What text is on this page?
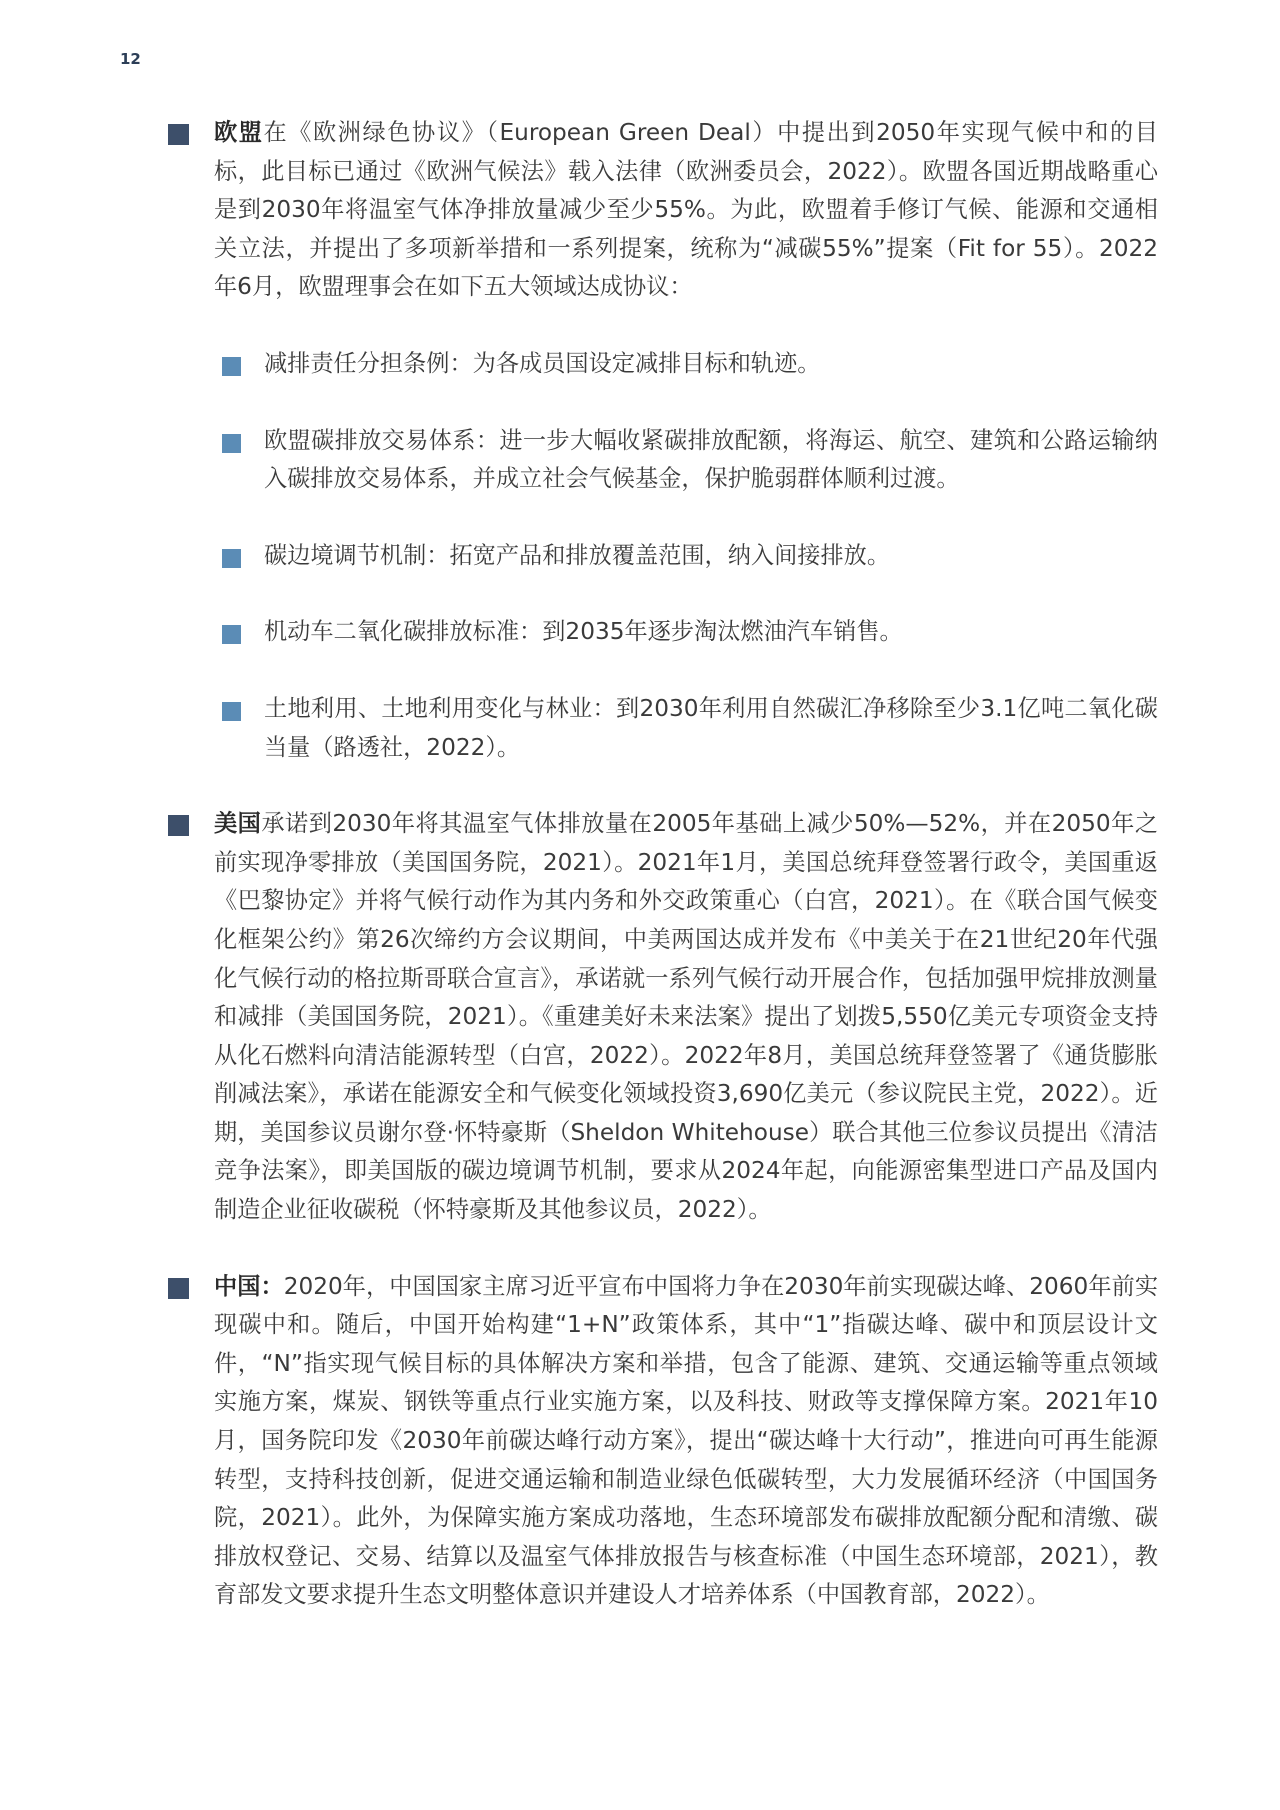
12

欧盟在《欧洲绿色协议》（European Green Deal）中提出到2050年实现气候中和的目标，此目标已通过《欧洲气候法》载入法律（欧洲委员会，2022）。欧盟各国近期战略重心是到2030年将温室气体净排放量减少至少55%。为此，欧盟着手修订气候、能源和交通相关立法，并提出了多项新举措和一系列提案，统称为“减碳55%”提案（Fit for 55）。2022年6月，欧盟理事会在如下五大领域达成协议：

减排责任分担条例：为各成员国设定减排目标和轨迹。

欧盟碳排放交易体系：进一步大幅收紧碳排放配额，将海运、航空、建筑和公路运输纳入碳排放交易体系，并成立社会气候基金，保护脆弱群体顺利过渡。

碳边境调节机制：拓宽产品和排放覆盖范围，纳入间接排放。

机动车二氧化碳排放标准：到2035年逐步淘汰燃油汽车销售。

土地利用、土地利用变化与林业：到2030年利用自然碳汇净移除至少3.1亿吨二氧化碳当量（路透社，2022）。

美国承诺到2030年将其温室气体排放量在2005年基础上减少50%—52%，并在2050年之前实现净零排放（美国国务院，2021）。2021年1月，美国总统拜登签署行政令，美国重返《巴黎协定》并将气候行动作为其内务和外交政策重心（白宫，2021）。在《联合国气候变化框架公约》第26次缔约方会议期间，中美两国达成并发布《中美关于在21世纪20年代强化气候行动的格拉斯哥联合宣言》，承诺就一系列气候行动开展合作，包括加强甲烷排放测量和减排（美国国务院，2021）。《重建美好未来法案》提出了划拨5,550亿美元专项资金支持从化石燃料向清洁能源转型（白宫，2022）。2022年8月，美国总统拜登签署了《通货膨胀削减法案》，承诺在能源安全和气候变化领域投资3,690亿美元（参议院民主党，2022）。近期，美国参议员谢尔登·怀特豪斯（Sheldon Whitehouse）联合其他三位参议员提出《清洁竞争法案》，即美国版的碳边境调节机制，要求从2024年起，向能源密集型进口产品及国内制造企业征收碳税（怀特豪斯及其他参议员，2022）。

中国：2020年，中国国家主席习近平宣布中国将力争在2030年前实现碳达峰、2060年前实现碳中和。随后，中国开始构建“1+N”政策体系，其中“1”指碳达峰、碳中和顶层设计文件，“N”指实现气候目标的具体解决方案和举措，包含了能源、建筑、交通运输等重点领域实施方案，煤炭、钢铁等重点行业实施方案，以及科技、财政等支撑保障方案。2021年10月，国务院印发《2030年前碳达峰行动方案》，提出“碳达峰十大行动”，推进向可再生能源转型，支持科技创新，促进交通运输和制造业绿色低碳转型，大力发展循环经济（中国国务院，2021）。此外，为保障实施方案成功落地，生态环境部发布碳排放配额分配和清缴、碳排放权登记、交易、结算以及温室气体排放报告与核查标准（中国生态环境部，2021），教育部发文要求提升生态文明整体意识并建设人才培养体系（中国教育部，2022）。
